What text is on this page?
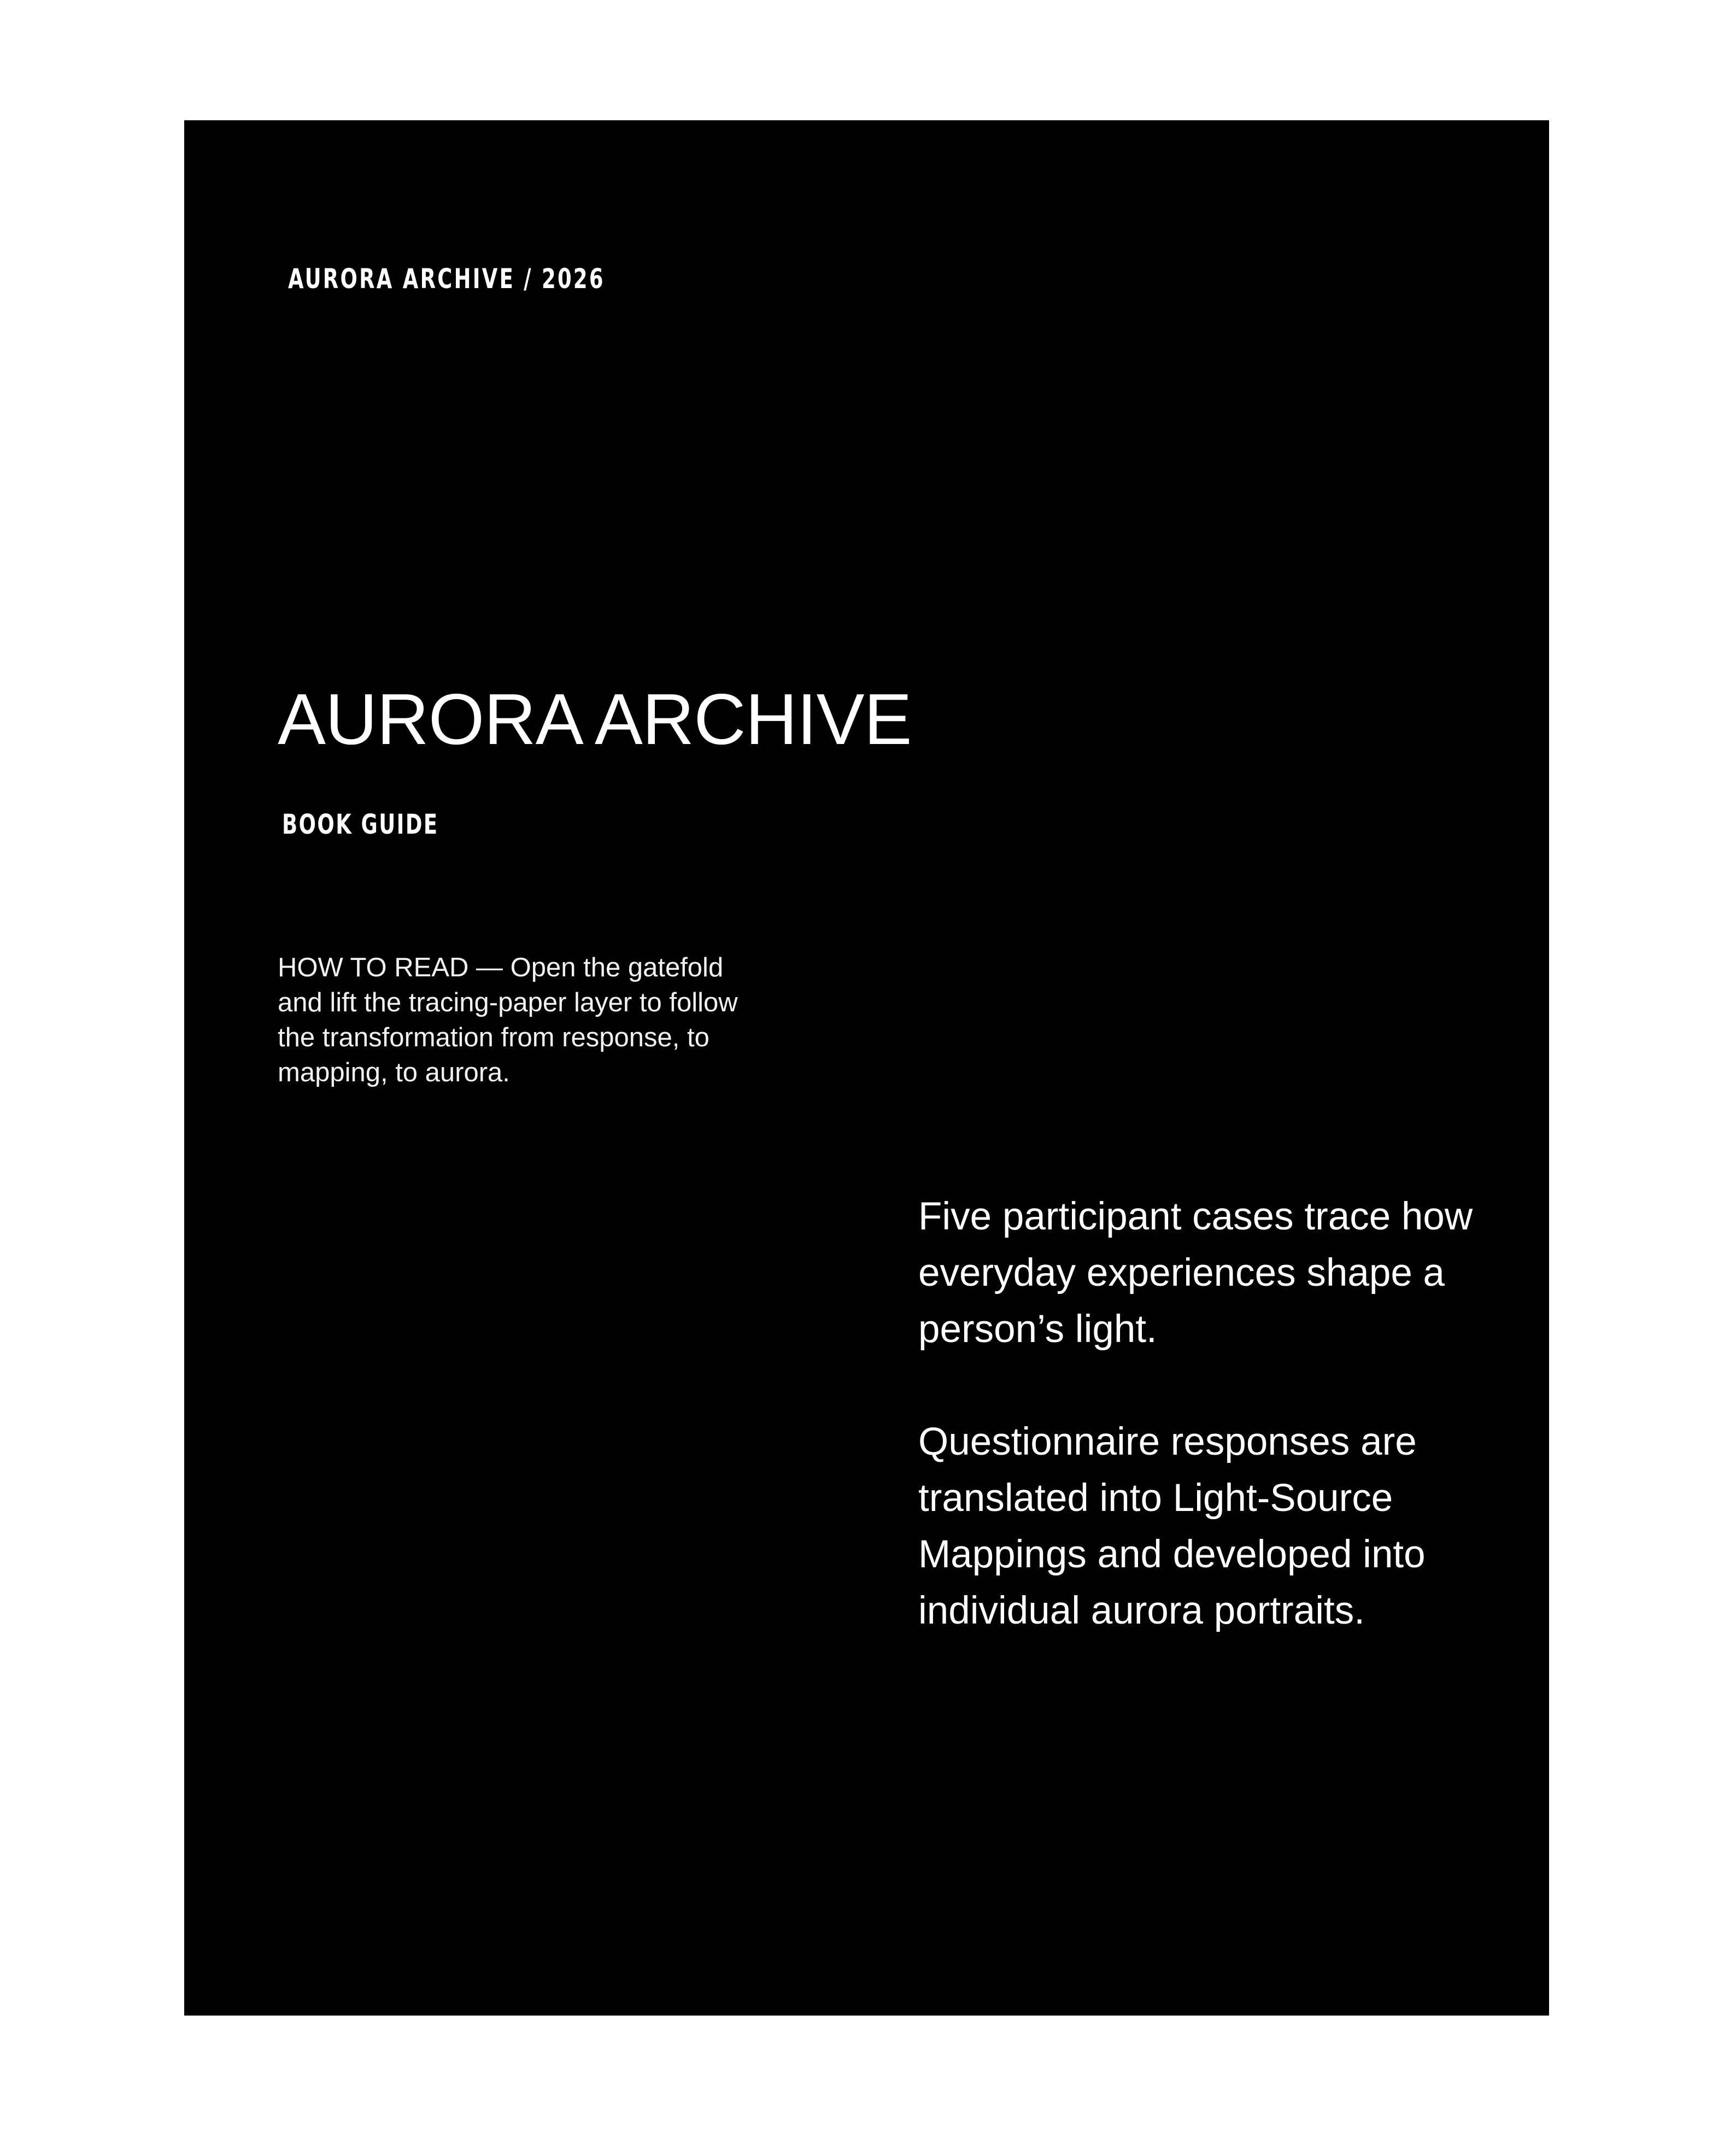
AURORA ARCHIVE / 2026
AURORA ARCHIVE
BOOK GUIDE

HOW TO READ — Open the gatefold and lift the tracing-paper layer to follow the transformation from response, to mapping, to aurora.

Five participant cases trace how everyday experiences shape a person’s light.

Questionnaire responses are translated into Light-Source Mappings and developed into individual aurora portraits.
